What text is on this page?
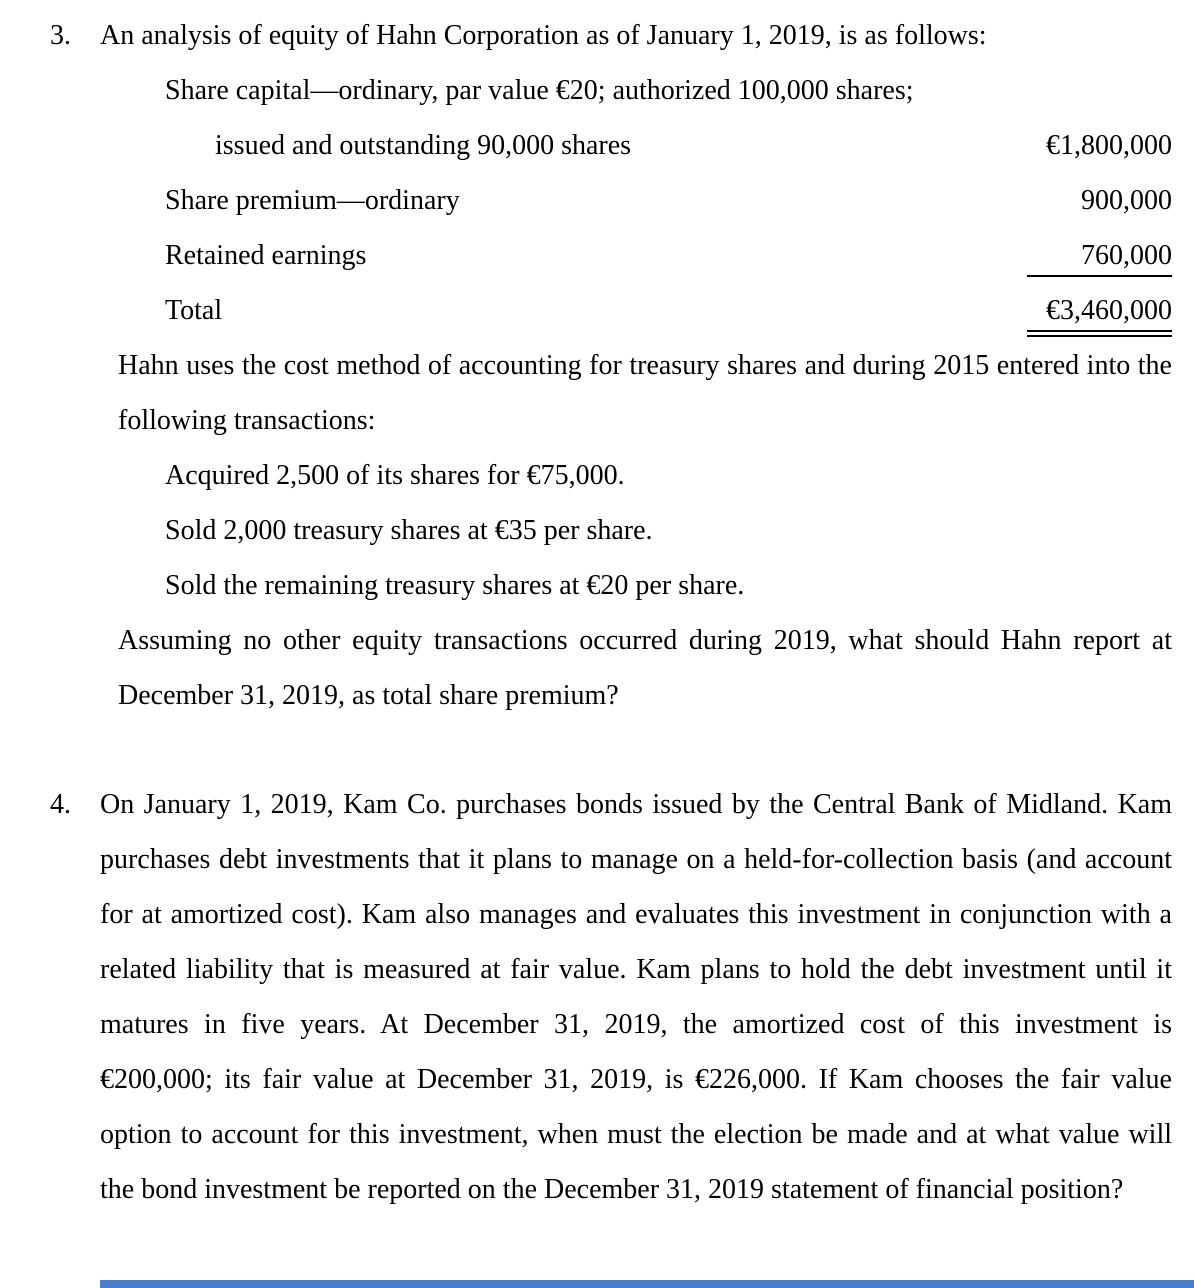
3. An analysis of equity of Hahn Corporation as of January 1, 2019, is as follows:

Share capital—ordinary, par value €20; authorized 100,000 shares;
issued and outstanding 90,000 shares	€1,800,000
Share premium—ordinary	900,000
Retained earnings	760,000
Total	€3,460,000

Hahn uses the cost method of accounting for treasury shares and during 2015 entered into the following transactions:

Acquired 2,500 of its shares for €75,000.

Sold 2,000 treasury shares at €35 per share.

Sold the remaining treasury shares at €20 per share.

Assuming no other equity transactions occurred during 2019, what should Hahn report at December 31, 2019, as total share premium?

4. On January 1, 2019, Kam Co. purchases bonds issued by the Central Bank of Midland. Kam purchases debt investments that it plans to manage on a held-for-collection basis (and account for at amortized cost). Kam also manages and evaluates this investment in conjunction with a related liability that is measured at fair value. Kam plans to hold the debt investment until it matures in five years. At December 31, 2019, the amortized cost of this investment is €200,000; its fair value at December 31, 2019, is €226,000. If Kam chooses the fair value option to account for this investment, when must the election be made and at what value will the bond investment be reported on the December 31, 2019 statement of financial position?
